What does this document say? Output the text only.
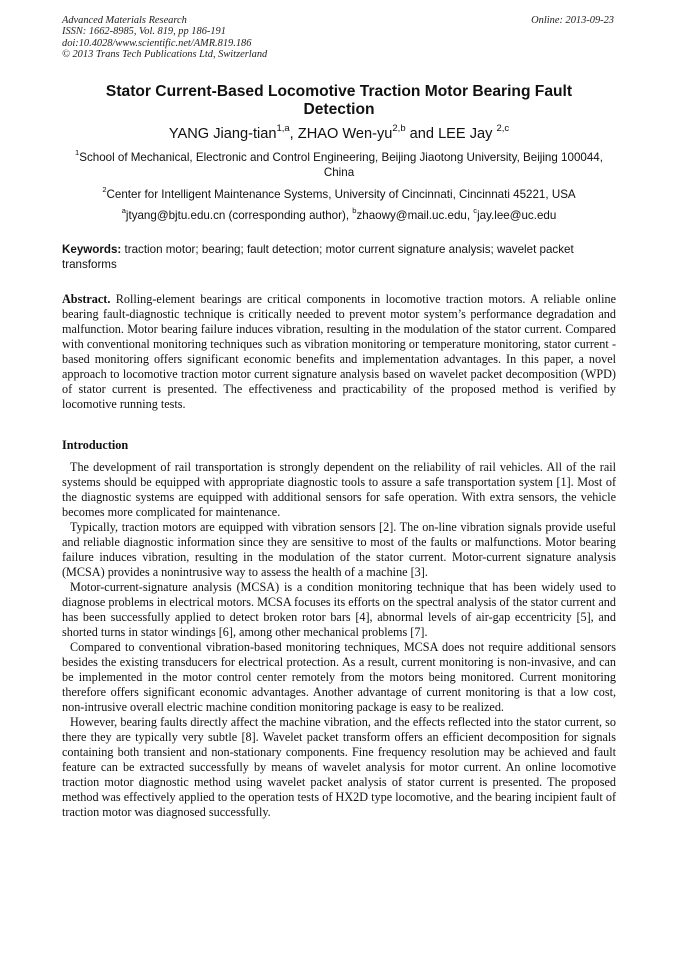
Advanced Materials Research
ISSN: 1662-8985, Vol. 819, pp 186-191
doi:10.4028/www.scientific.net/AMR.819.186
© 2013 Trans Tech Publications Ltd, Switzerland
Online: 2013-09-23
Stator Current-Based Locomotive Traction Motor Bearing Fault Detection
YANG Jiang-tian$^{1,a}$, ZHAO Wen-yu$^{2,b}$ and LEE Jay $^{2,c}$
$^1$School of Mechanical, Electronic and Control Engineering, Beijing Jiaotong University, Beijing 100044, China
$^2$Center for Intelligent Maintenance Systems, University of Cincinnati, Cincinnati 45221, USA
$^a$jtyang@bjtu.edu.cn (corresponding author), $^b$zhaowy@mail.uc.edu, $^c$jay.lee@uc.edu
Keywords: traction motor; bearing; fault detection; motor current signature analysis; wavelet packet transforms
Abstract. Rolling-element bearings are critical components in locomotive traction motors. A reliable online bearing fault-diagnostic technique is critically needed to prevent motor system’s performance degradation and malfunction. Motor bearing failure induces vibration, resulting in the modulation of the stator current. Compared with conventional monitoring techniques such as vibration monitoring or temperature monitoring, stator current -based monitoring offers significant economic benefits and implementation advantages. In this paper, a novel approach to locomotive traction motor current signature analysis based on wavelet packet decomposition (WPD) of stator current is presented. The effectiveness and practicability of the proposed method is verified by locomotive running tests.
Introduction

The development of rail transportation is strongly dependent on the reliability of rail vehicles. All of the rail systems should be equipped with appropriate diagnostic tools to assure a safe transportation system [1]. Most of the diagnostic systems are equipped with additional sensors for safe operation. With extra sensors, the vehicle becomes more complicated for maintenance.

Typically, traction motors are equipped with vibration sensors [2]. The on-line vibration signals provide useful and reliable diagnostic information since they are sensitive to most of the faults or malfunctions. Motor bearing failure induces vibration, resulting in the modulation of the stator current. Motor-current signature analysis (MCSA) provides a nonintrusive way to assess the health of a machine [3].

Motor-current-signature analysis (MCSA) is a condition monitoring technique that has been widely used to diagnose problems in electrical motors. MCSA focuses its efforts on the spectral analysis of the stator current and has been successfully applied to detect broken rotor bars [4], abnormal levels of air-gap eccentricity [5], and shorted turns in stator windings [6], among other mechanical problems [7].

Compared to conventional vibration-based monitoring techniques, MCSA does not require additional sensors besides the existing transducers for electrical protection. As a result, current monitoring is non-invasive, and can be implemented in the motor control center remotely from the motors being monitored. Current monitoring therefore offers significant economic advantages. Another advantage of current monitoring is that a low cost, non-intrusive overall electric machine condition monitoring package is easy to be realized.

However, bearing faults directly affect the machine vibration, and the effects reflected into the stator current, so there they are typically very subtle [8]. Wavelet packet transform offers an efficient decomposition for signals containing both transient and non-stationary components. Fine frequency resolution may be achieved and fault feature can be extracted successfully by means of wavelet analysis for motor current. An online locomotive traction motor diagnostic method using wavelet packet analysis of stator current is presented. The proposed method was effectively applied to the operation tests of HX2D type locomotive, and the bearing incipient fault of traction motor was diagnosed successfully.
